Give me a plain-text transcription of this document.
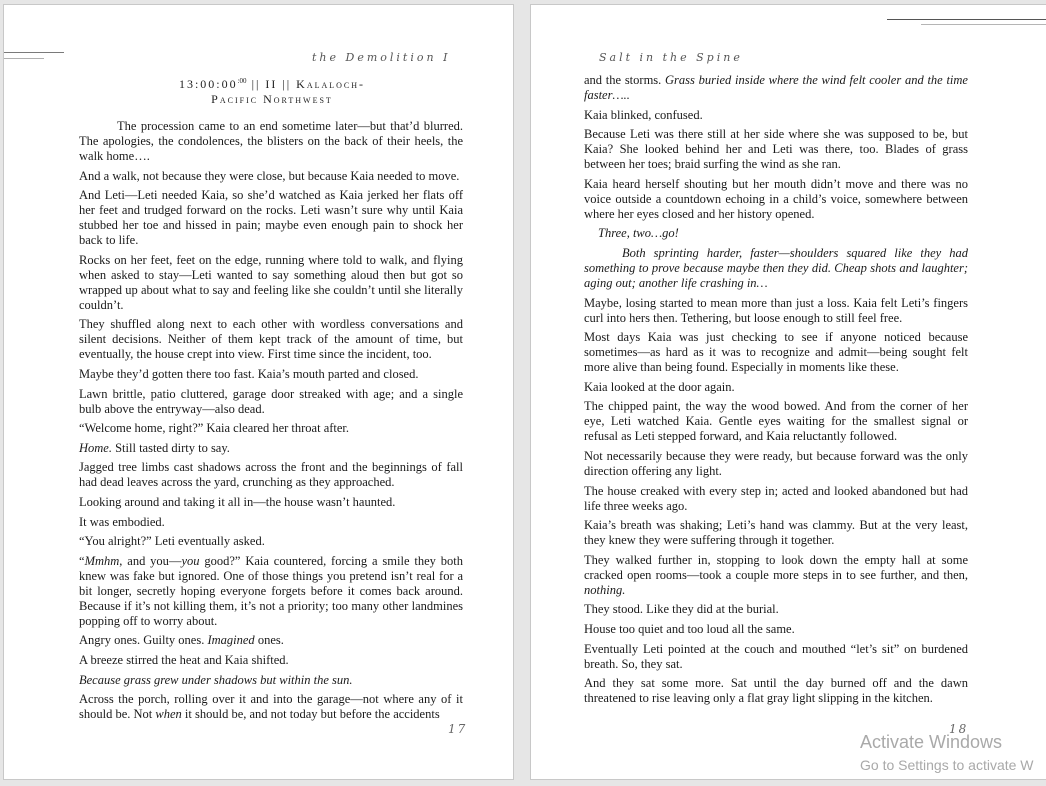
the Demolition I
$13:00:00^{:00}$ || II || Kalaloch-
Pacific Northwest

The procession came to an end sometime later—but that’d blurred. The apologies, the condolences, the blisters on the back of their heels, the walk home….

And a walk, not because they were close, but because Kaia needed to move.

And Leti—Leti needed Kaia, so she’d watched as Kaia jerked her flats off her feet and trudged forward on the rocks. Leti wasn’t sure why until Kaia stubbed her toe and hissed in pain; maybe even enough pain to shock her back to life.

Rocks on her feet, feet on the edge, running where told to walk, and flying when asked to stay—Leti wanted to say something aloud then but got so wrapped up about what to say and feeling like she couldn’t until she literally couldn’t.

They shuffled along next to each other with wordless conversations and silent decisions. Neither of them kept track of the amount of time, but eventually, the house crept into view. First time since the incident, too.

Maybe they’d gotten there too fast. Kaia’s mouth parted and closed.

Lawn brittle, patio cluttered, garage door streaked with age; and a single bulb above the entryway—also dead.

“Welcome home, right?” Kaia cleared her throat after.

Home. Still tasted dirty to say.

Jagged tree limbs cast shadows across the front and the beginnings of fall had dead leaves across the yard, crunching as they approached.

Looking around and taking it all in—the house wasn’t haunted.

It was embodied.

“You alright?” Leti eventually asked.

“Mmhm, and you—you good?” Kaia countered, forcing a smile they both knew was fake but ignored. One of those things you pretend isn’t real for a bit longer, secretly hoping everyone forgets before it comes back around. Because if it’s not killing them, it’s not a priority; too many other landmines popping off to worry about.

Angry ones. Guilty ones. Imagined ones.

A breeze stirred the heat and Kaia shifted.

Because grass grew under shadows but within the sun.

Across the porch, rolling over it and into the garage—not where any of it should be. Not when it should be, and not today but before the accidents

17
Salt in the Spine

and the storms. Grass buried inside where the wind felt cooler and the time faster…..

Kaia blinked, confused.

Because Leti was there still at her side where she was supposed to be, but Kaia? She looked behind her and Leti was there, too. Blades of grass between her toes; braid surfing the wind as she ran.

Kaia heard herself shouting but her mouth didn’t move and there was no voice outside a countdown echoing in a child’s voice, somewhere between where her eyes closed and her history opened.

Three, two…go!

Both sprinting harder, faster—shoulders squared like they had something to prove because maybe then they did. Cheap shots and laughter; aging out; another life crashing in…

Maybe, losing started to mean more than just a loss. Kaia felt Leti’s fingers curl into hers then. Tethering, but loose enough to still feel free.

Most days Kaia was just checking to see if anyone noticed because sometimes—as hard as it was to recognize and admit—being sought felt more alive than being found. Especially in moments like these.

Kaia looked at the door again.

The chipped paint, the way the wood bowed. And from the corner of her eye, Leti watched Kaia. Gentle eyes waiting for the smallest signal or refusal as Leti stepped forward, and Kaia reluctantly followed.

Not necessarily because they were ready, but because forward was the only direction offering any light.

The house creaked with every step in; acted and looked abandoned but had life three weeks ago.

Kaia’s breath was shaking; Leti’s hand was clammy. But at the very least, they knew they were suffering through it together.

They walked further in, stopping to look down the empty hall at some cracked open rooms—took a couple more steps in to see further, and then, nothing.

They stood. Like they did at the burial.

House too quiet and too loud all the same.

Eventually Leti pointed at the couch and mouthed “let’s sit” on burdened breath. So, they sat.

And they sat some more. Sat until the day burned off and the dawn threatened to rise leaving only a flat gray light slipping in the kitchen.

18
Activate Windows
Go to Settings to activate W
